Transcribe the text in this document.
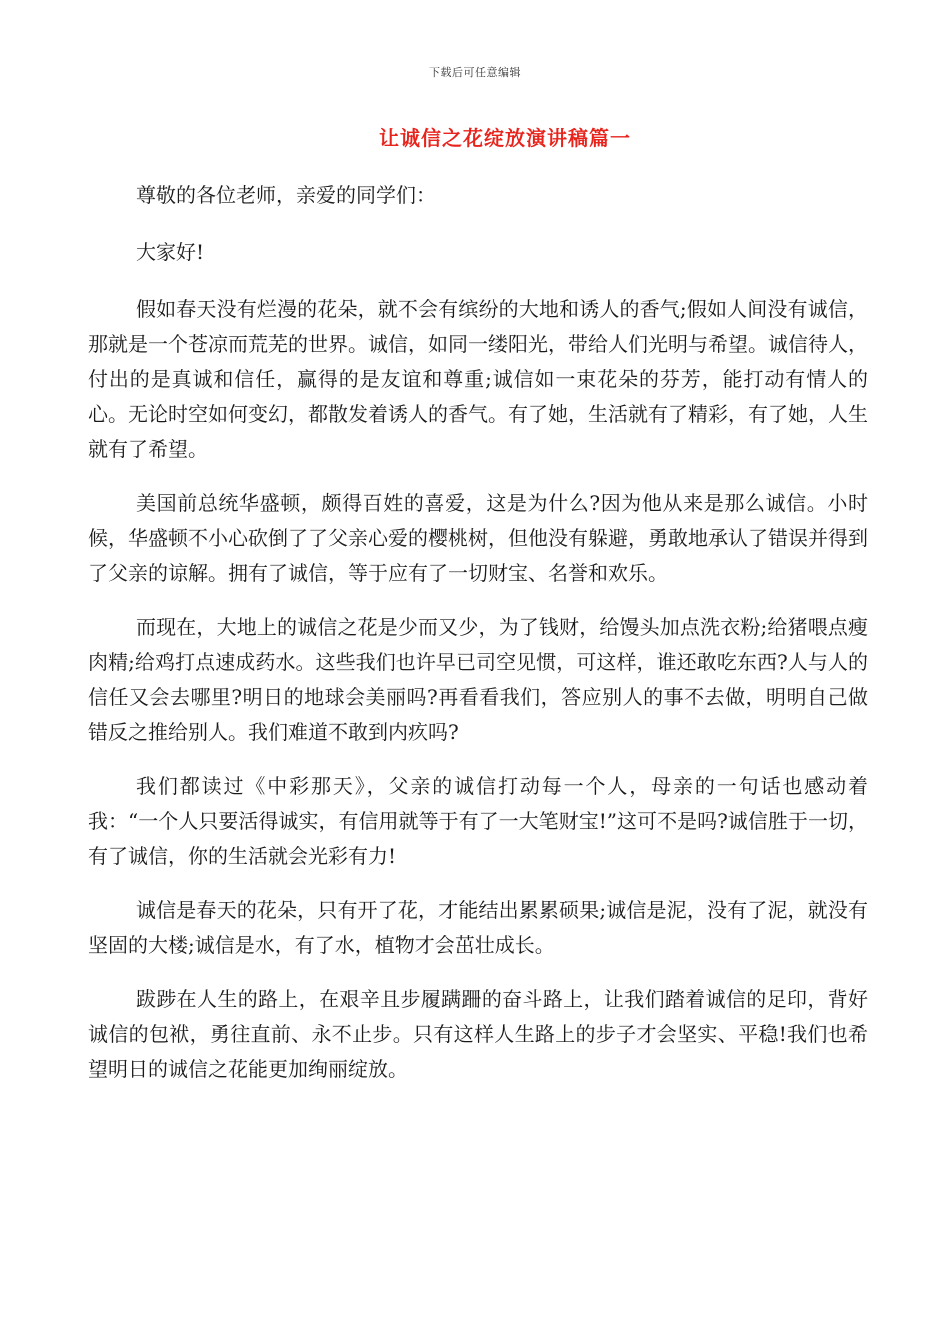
下载后可任意编辑
让诚信之花绽放演讲稿篇一

尊敬的各位老师，亲爱的同学们：

大家好!

假如春天没有烂漫的花朵，就不会有缤纷的大地和诱人的香气;假如人间没有诚信，那就是一个苍凉而荒芜的世界。诚信，如同一缕阳光，带给人们光明与希望。诚信待人，付出的是真诚和信任，赢得的是友谊和尊重;诚信如一束花朵的芬芳，能打动有情人的心。无论时空如何变幻，都散发着诱人的香气。有了她，生活就有了精彩，有了她，人生就有了希望。

美国前总统华盛顿，颇得百姓的喜爱，这是为什么?因为他从来是那么诚信。小时候，华盛顿不小心砍倒了了父亲心爱的樱桃树，但他没有躲避，勇敢地承认了错误并得到了父亲的谅解。拥有了诚信，等于应有了一切财宝、名誉和欢乐。

而现在，大地上的诚信之花是少而又少，为了钱财，给馒头加点洗衣粉;给猪喂点瘦肉精;给鸡打点速成药水。这些我们也许早已司空见惯，可这样，谁还敢吃东西?人与人的信任又会去哪里?明日的地球会美丽吗?再看看我们，答应别人的事不去做，明明自己做错反之推给别人。我们难道不敢到内疚吗?

我们都读过《中彩那天》，父亲的诚信打动每一个人，母亲的一句话也感动着我：“一个人只要活得诚实，有信用就等于有了一大笔财宝!”这可不是吗?诚信胜于一切，有了诚信，你的生活就会光彩有力!

诚信是春天的花朵，只有开了花，才能结出累累硕果;诚信是泥，没有了泥，就没有坚固的大楼;诚信是水，有了水，植物才会茁壮成长。

跋踄在人生的路上，在艰辛且步履蹒跚的奋斗路上，让我们踏着诚信的足印，背好诚信的包袱，勇往直前、永不止步。只有这样人生路上的步子才会坚实、平稳!我们也希望明日的诚信之花能更加绚丽绽放。
